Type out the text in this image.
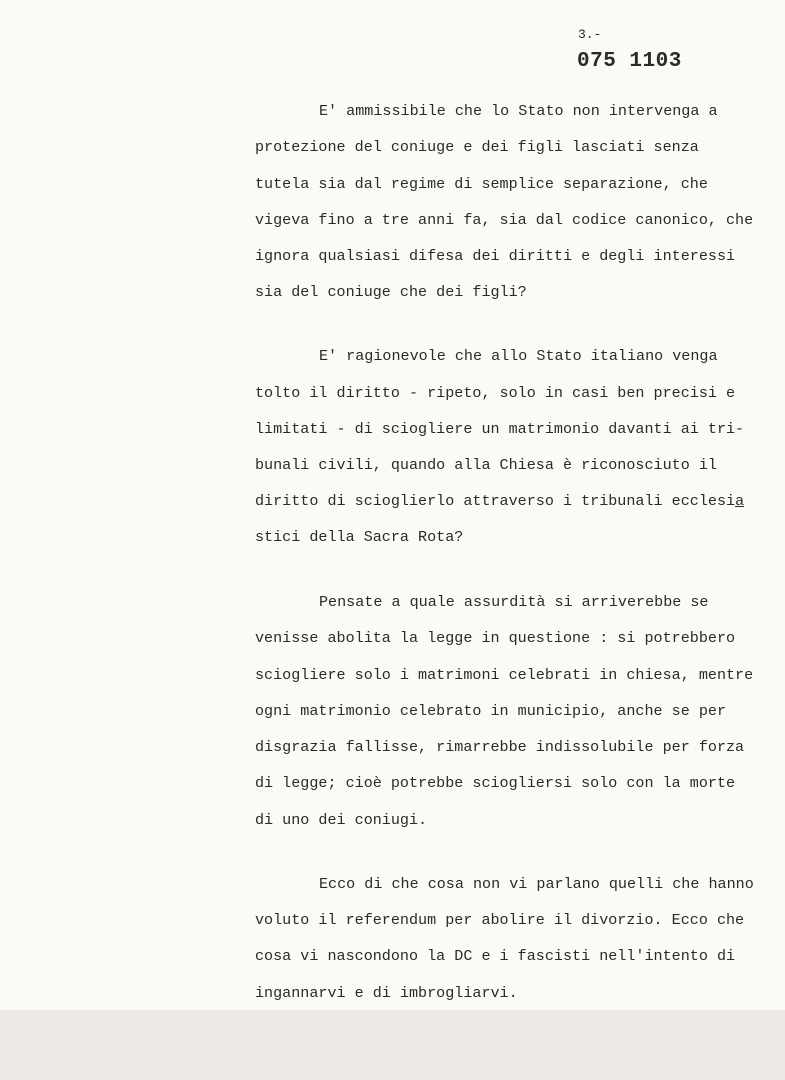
3.-
075 1103
E' ammissibile che lo Stato non intervenga a
protezione del coniuge e dei figli lasciati senza
tutela sia dal regime di semplice separazione, che
vigeva fino a tre anni fa, sia dal codice canonico, che
ignora qualsiasi difesa dei diritti e degli interessi
sia del coniuge che dei figli?
E' ragionevole che allo Stato italiano venga
tolto il diritto - ripeto, solo in casi ben precisi e
limitati - di sciogliere un matrimonio davanti ai tri-
bunali civili, quando alla Chiesa è riconosciuto il
diritto di scioglierlo attraverso i tribunali ecclesia
stici della Sacra Rota?
Pensate a quale assurdità si arriverebbe se
venisse abolita la legge in questione : si potrebbero
sciogliere solo i matrimoni celebrati in chiesa, mentre
ogni matrimonio celebrato in municipio, anche se per
disgrazia fallisse, rimarrebbe indissolubile per forza
di legge; cioè potrebbe sciogliersi solo con la morte
di uno dei coniugi.
Ecco di che cosa non vi parlano quelli che hanno
voluto il referendum per abolire il divorzio. Ecco che
cosa vi nascondono la DC e i fascisti nell'intento di
ingannarvi e di imbrogliarvi.
